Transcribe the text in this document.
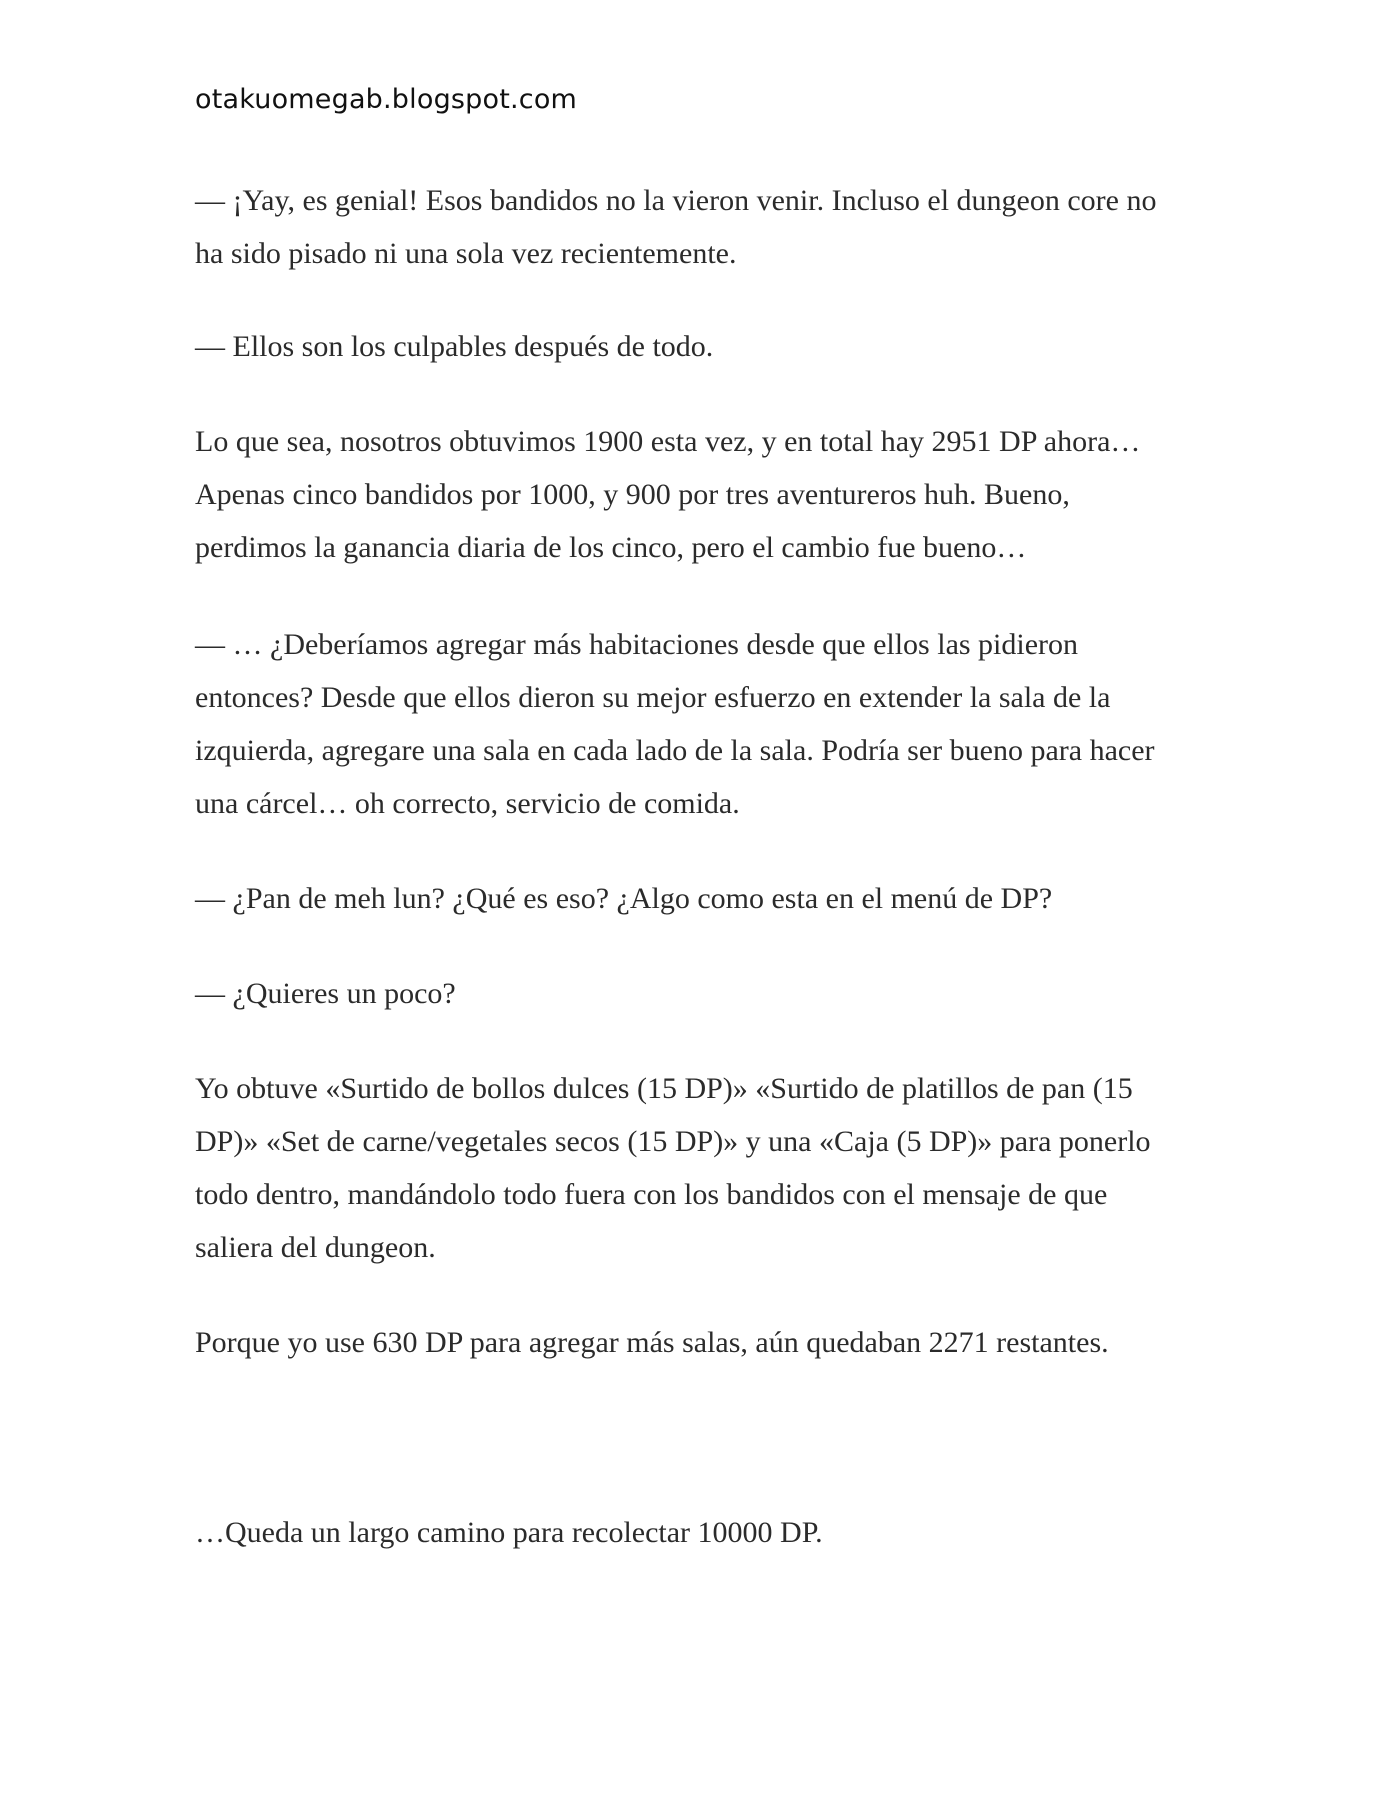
otakuomegab.blogspot.com

— ¡Yay, es genial! Esos bandidos no la vieron venir. Incluso el dungeon core no
ha sido pisado ni una sola vez recientemente.

— Ellos son los culpables después de todo.

Lo que sea, nosotros obtuvimos 1900 esta vez, y en total hay 2951 DP ahora…
Apenas cinco bandidos por 1000, y 900 por tres aventureros huh. Bueno,
perdimos la ganancia diaria de los cinco, pero el cambio fue bueno…

— … ¿Deberíamos agregar más habitaciones desde que ellos las pidieron
entonces? Desde que ellos dieron su mejor esfuerzo en extender la sala de la
izquierda, agregare una sala en cada lado de la sala. Podría ser bueno para hacer
una cárcel… oh correcto, servicio de comida.

— ¿Pan de meh lun? ¿Qué es eso? ¿Algo como esta en el menú de DP?

— ¿Quieres un poco?

Yo obtuve «Surtido de bollos dulces (15 DP)» «Surtido de platillos de pan (15
DP)» «Set de carne/vegetales secos (15 DP)» y una «Caja (5 DP)» para ponerlo
todo dentro, mandándolo todo fuera con los bandidos con el mensaje de que
saliera del dungeon.

Porque yo use 630 DP para agregar más salas, aún quedaban 2271 restantes.

…Queda un largo camino para recolectar 10000 DP.
